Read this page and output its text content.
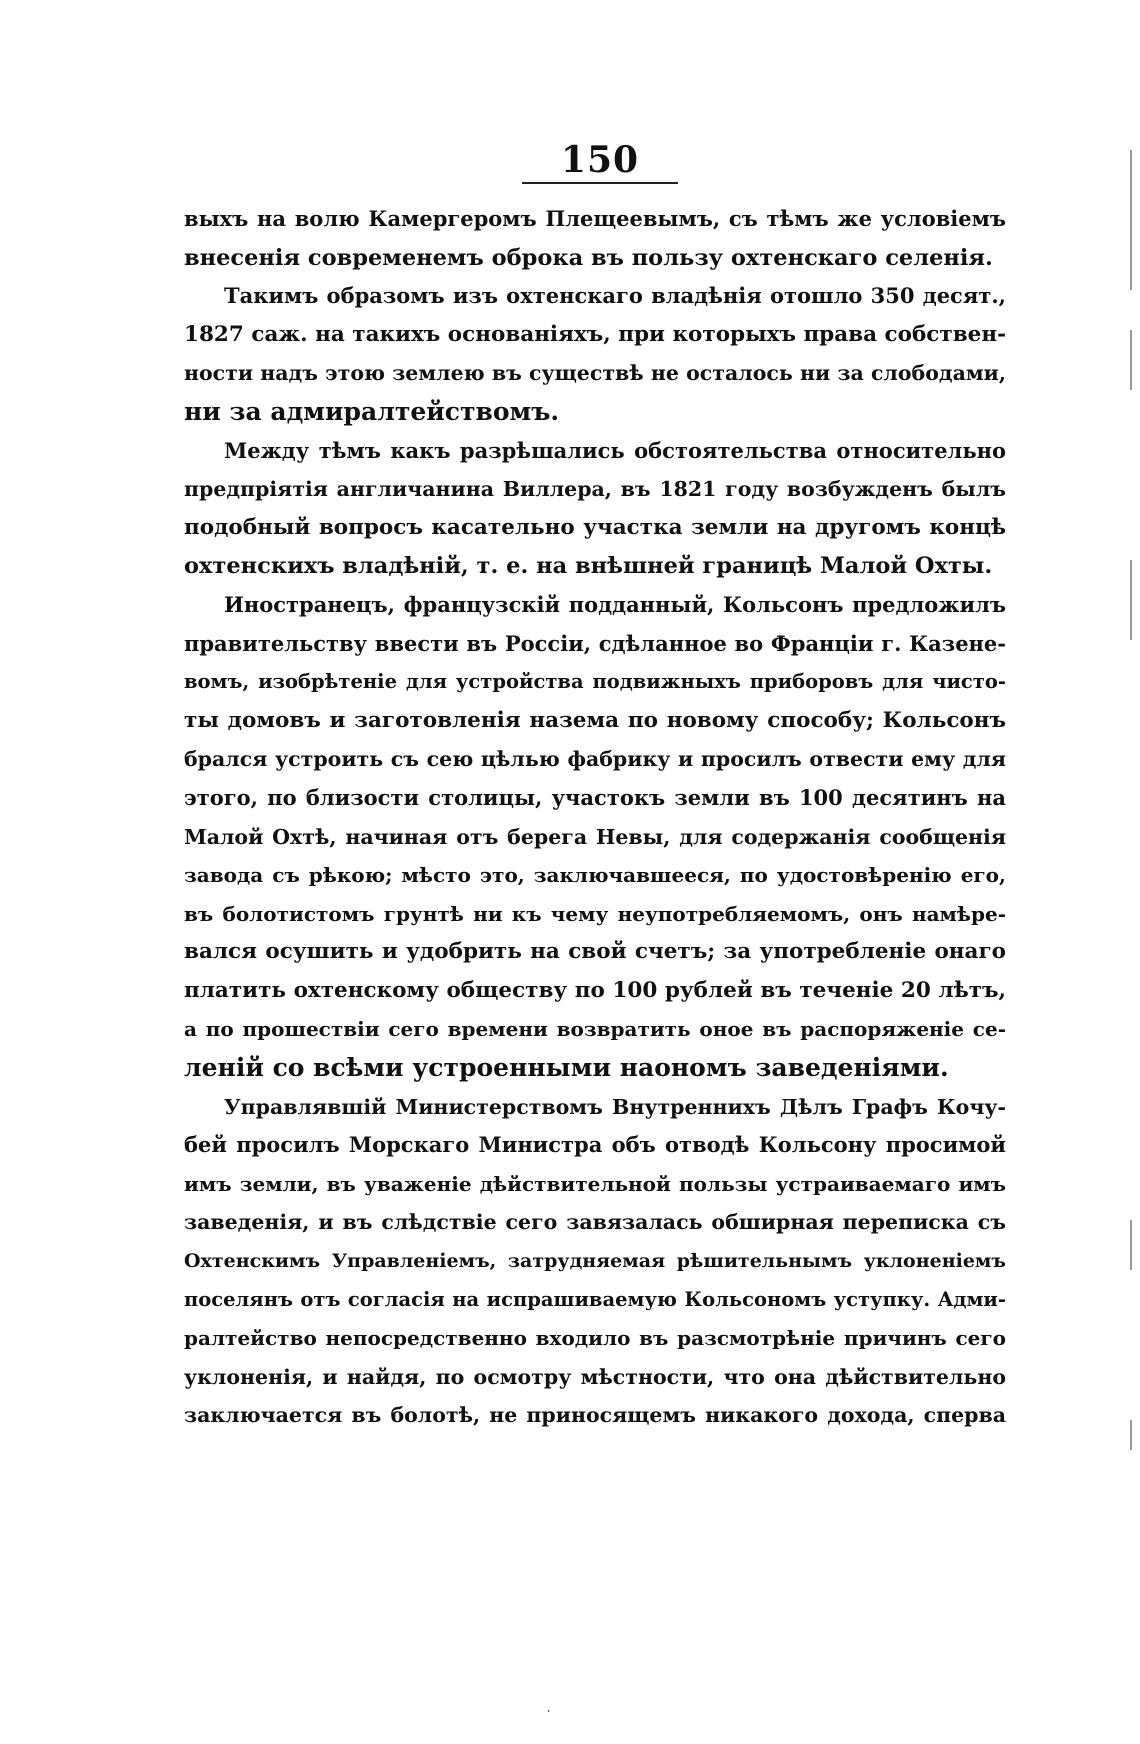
150
выхъ на волю Камергеромъ Плещеевымъ, съ тѣмъ же условіемъ
внесенія современемъ оброка въ пользу охтенскаго селенія.
Такимъ образомъ изъ охтенскаго владѣнія отошло 350 десят.,
1827 саж. на такихъ основаніяхъ, при которыхъ права собствен-
ности надъ этою землею въ существѣ не осталось ни за слободами,
ни за адмиралтействомъ.
Между тѣмъ какъ разрѣшались обстоятельства относительно
предпріятія англичанина Виллера, въ 1821 году возбужденъ былъ
подобный вопросъ касательно участка земли на другомъ концѣ
охтенскихъ владѣній, т. е. на внѣшней границѣ Малой Охты.
Иностранецъ, французскій подданный, Кольсонъ предложилъ
правительству ввести въ Россіи, сдѣланное во Франціи г. Казене-
вомъ, изобрѣтеніе для устройства подвижныхъ приборовъ для чисто-
ты домовъ и заготовленія назема по новому способу; Кольсонъ
брался устроить съ сею цѣлью фабрику и просилъ отвести ему для
этого, по близости столицы, участокъ земли въ 100 десятинъ на
Малой Охтѣ, начиная отъ берега Невы, для содержанія сообщенія
завода съ рѣкою; мѣсто это, заключавшееся, по удостовѣренію его,
въ болотистомъ грунтѣ ни къ чему неупотребляемомъ, онъ намѣре-
вался осушить и удобрить на свой счетъ; за употребленіе онаго
платить охтенскому обществу по 100 рублей въ теченіе 20 лѣтъ,
а по прошествіи сего времени возвратить оное въ распоряженіе се-
леній со всѣми устроенными наономъ заведеніями.
Управлявшій Министерствомъ Внутреннихъ Дѣлъ Графъ Кочу-
бей просилъ Морскаго Министра объ отводѣ Кольсону просимой
имъ земли, въ уваженіе дѣйствительной пользы устраиваемаго имъ
заведенія, и въ слѣдствіе сего завязалась обширная переписка съ
Охтенскимъ Управленіемъ, затрудняемая рѣшительнымъ уклоненіемъ
поселянъ отъ согласія на испрашиваемую Кольсономъ уступку. Адми-
ралтейство непосредственно входило въ разсмотрѣніе причинъ сего
уклоненія, и найдя, по осмотру мѣстности, что она дѣйствительно
заключается въ болотѣ, не приносящемъ никакого дохода, сперва
ׅ
